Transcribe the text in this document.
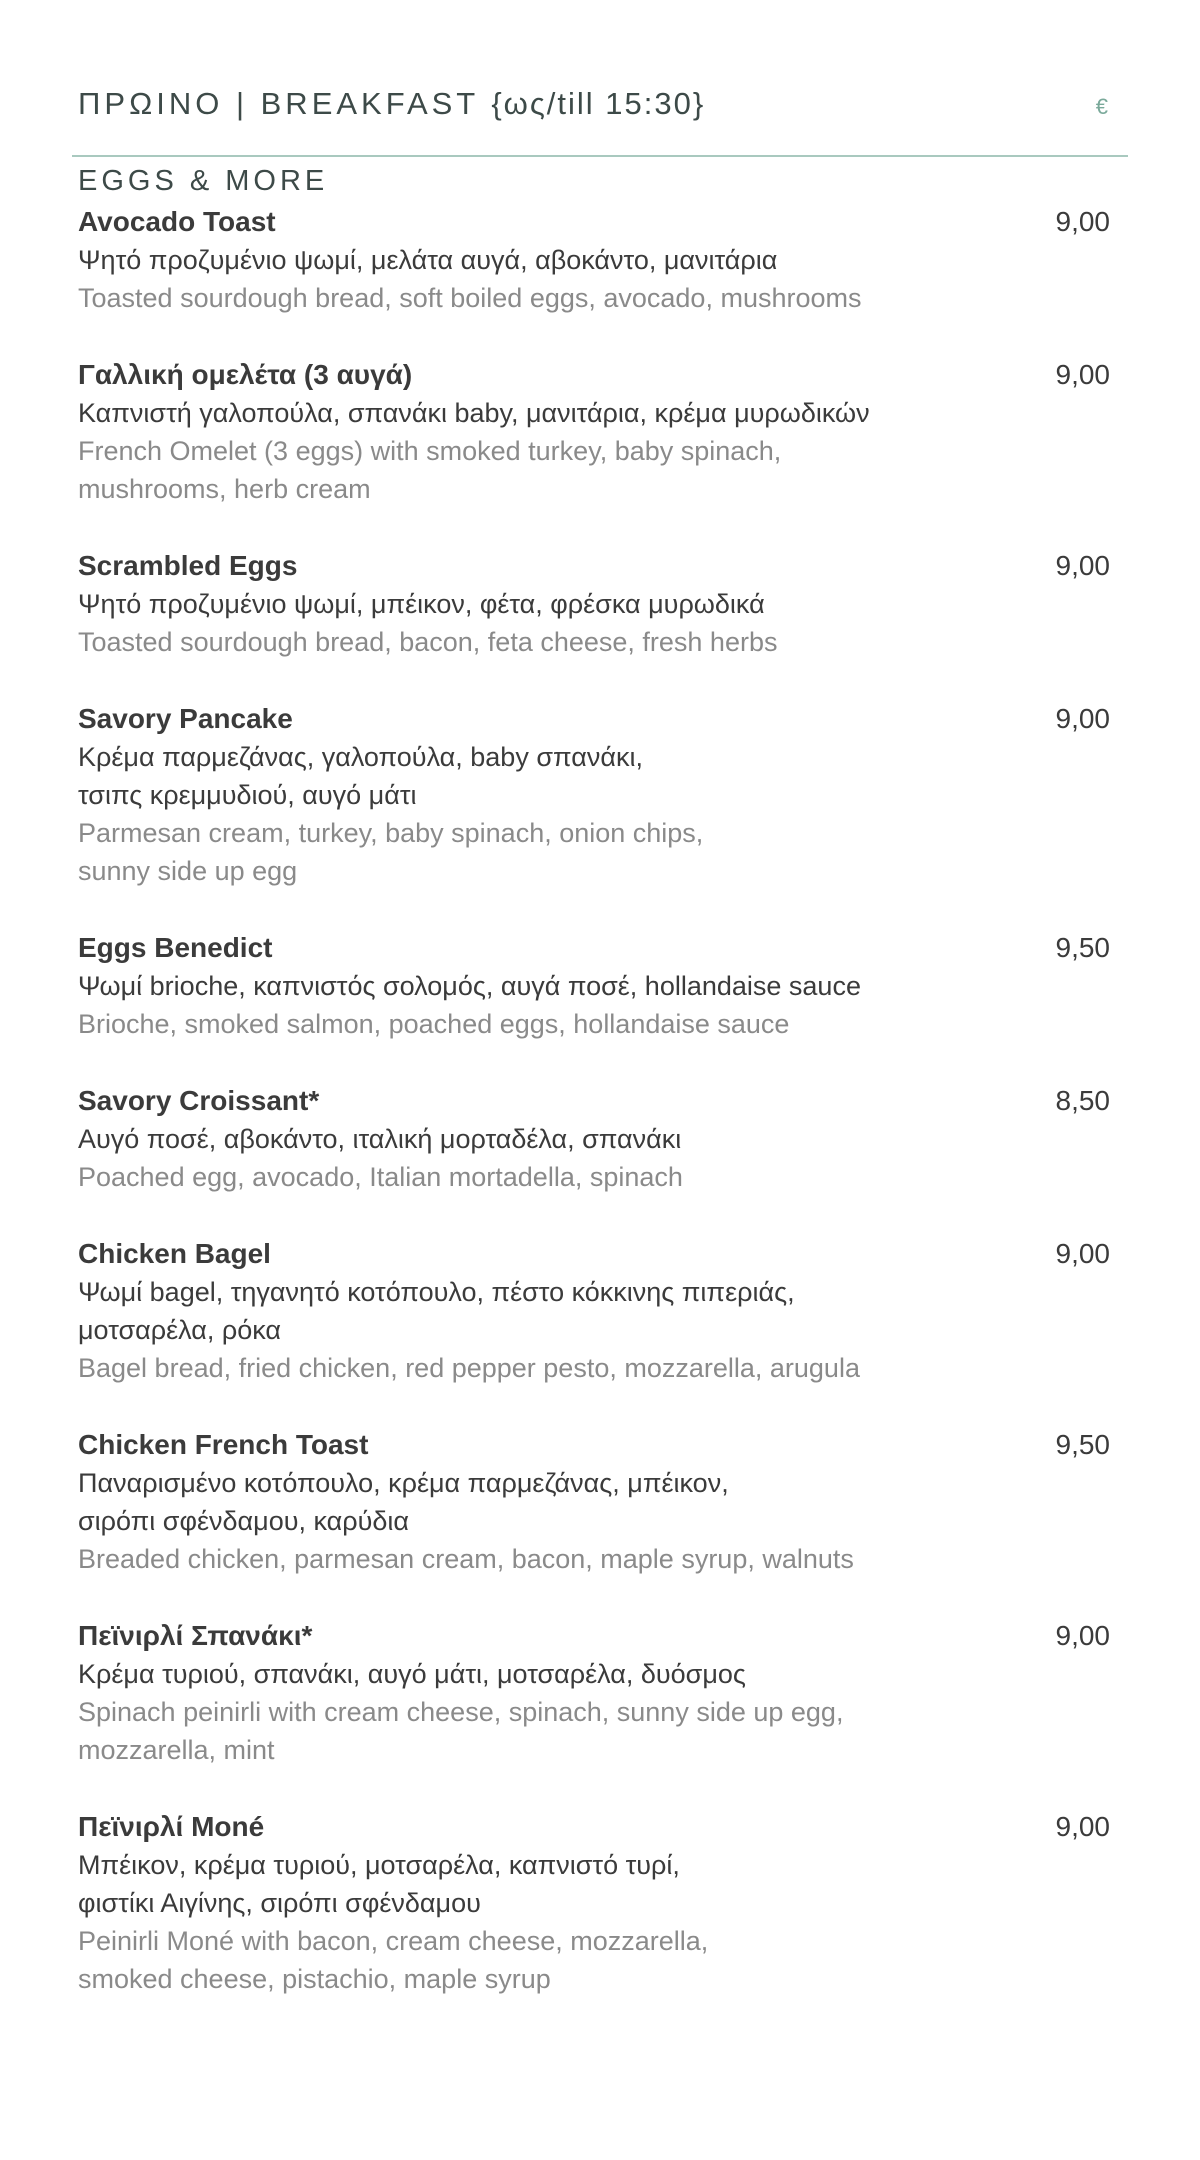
ΠΡΩΙΝΟ | BREAKFAST {ως/till 15:30}	€
EGGS & MORE
Avocado Toast	9,00
Ψητό προζυμένιο ψωμί, μελάτα αυγά, αβοκάντο, μανιτάρια
Toasted sourdough bread, soft boiled eggs, avocado, mushrooms
Γαλλική ομελέτα (3 αυγά)	9,00
Καπνιστή γαλοπούλα, σπανάκι baby, μανιτάρια, κρέμα μυρωδικών
French Omelet (3 eggs) with smoked turkey, baby spinach,
mushrooms, herb cream
Scrambled Eggs	9,00
Ψητό προζυμένιο ψωμί, μπέικον, φέτα, φρέσκα μυρωδικά
Toasted sourdough bread, bacon, feta cheese, fresh herbs
Savory Pancake	9,00
Κρέμα παρμεζάνας, γαλοπούλα, baby σπανάκι,
τσιπς κρεμμυδιού, αυγό μάτι
Parmesan cream, turkey, baby spinach, onion chips,
sunny side up egg
Eggs Benedict	9,50
Ψωμί brioche, καπνιστός σολομός, αυγά ποσέ, hollandaise sauce
Brioche, smoked salmon, poached eggs, hollandaise sauce
Savory Croissant*	8,50
Αυγό ποσέ, αβοκάντο, ιταλική μορταδέλα, σπανάκι
Poached egg, avocado, Italian mortadella, spinach
Chicken Bagel	9,00
Ψωμί bagel, τηγανητό κοτόπουλο, πέστο κόκκινης πιπεριάς,
μοτσαρέλα, ρόκα
Bagel bread, fried chicken, red pepper pesto, mozzarella, arugula
Chicken French Toast	9,50
Παναρισμένο κοτόπουλο, κρέμα παρμεζάνας, μπέικον,
σιρόπι σφένδαμου, καρύδια
Breaded chicken, parmesan cream, bacon, maple syrup, walnuts
Πεϊνιρλί Σπανάκι*	9,00
Κρέμα τυριού, σπανάκι, αυγό μάτι, μοτσαρέλα, δυόσμος
Spinach peinirli with cream cheese, spinach, sunny side up egg,
mozzarella, mint
Πεϊνιρλί Μoné	9,00
Μπέικον, κρέμα τυριού, μοτσαρέλα, καπνιστό τυρί,
φιστίκι Αιγίνης, σιρόπι σφένδαμου
Peinirli Moné with bacon, cream cheese, mozzarella,
smoked cheese, pistachio, maple syrup
